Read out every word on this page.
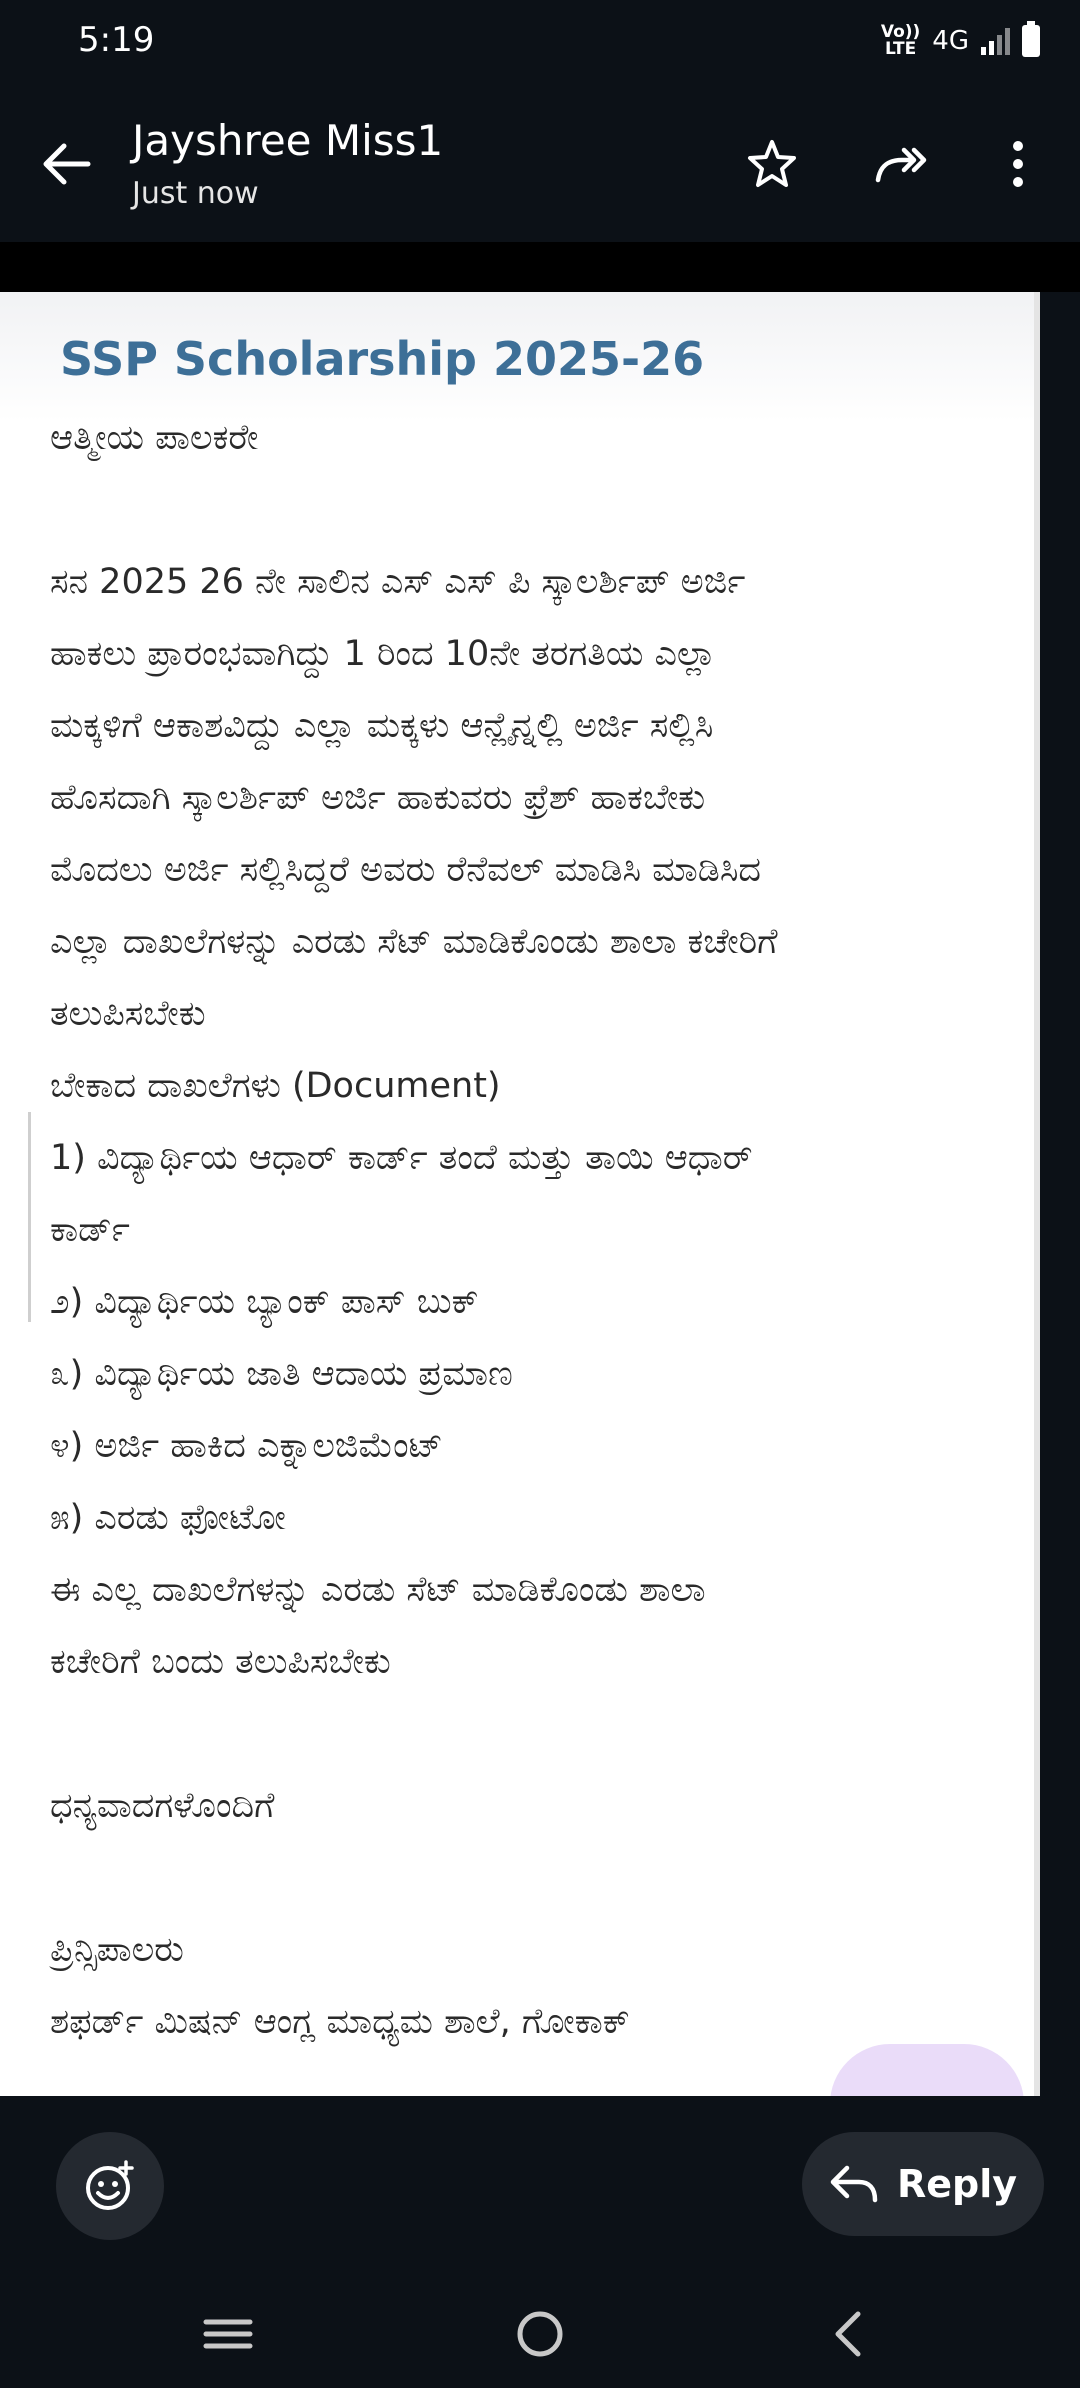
5:19	Vo))
LTE 4G
Jayshree Miss1
Just now
SSP Scholarship 2025-26
ಆತ್ಮೀಯ ಪಾಲಕರೇ

ಸನ 2025 26 ನೇ ಸಾಲಿನ ಎಸ್ ಎಸ್ ಪಿ ಸ್ಕಾಲರ್ಶಿಪ್ ಅರ್ಜಿ
ಹಾಕಲು ಪ್ರಾರಂಭವಾಗಿದ್ದು 1 ರಿಂದ 10ನೇ ತರಗತಿಯ ಎಲ್ಲಾ
ಮಕ್ಕಳಿಗೆ ಆಕಾಶವಿದ್ದು ಎಲ್ಲಾ ಮಕ್ಕಳು ಆನ್ಲೈನ್ನಲ್ಲಿ ಅರ್ಜಿ ಸಲ್ಲಿಸಿ
ಹೊಸದಾಗಿ ಸ್ಕಾಲರ್ಶಿಪ್ ಅರ್ಜಿ ಹಾಕುವರು ಫ್ರೆಶ್ ಹಾಕಬೇಕು
ಮೊದಲು ಅರ್ಜಿ ಸಲ್ಲಿಸಿದ್ದರೆ ಅವರು ರೆನೆವಲ್ ಮಾಡಿಸಿ ಮಾಡಿಸಿದ
ಎಲ್ಲಾ ದಾಖಲೆಗಳನ್ನು ಎರಡು ಸೆಟ್ ಮಾಡಿಕೊಂಡು ಶಾಲಾ ಕಚೇರಿಗೆ
ತಲುಪಿಸಬೇಕು
ಬೇಕಾದ ದಾಖಲೆಗಳು (Document)
1) ವಿದ್ಯಾರ್ಥಿಯ ಆಧಾರ್ ಕಾರ್ಡ್ ತಂದೆ ಮತ್ತು ತಾಯಿ ಆಧಾರ್
ಕಾರ್ಡ್
೨) ವಿದ್ಯಾರ್ಥಿಯ ಬ್ಯಾಂಕ್ ಪಾಸ್ ಬುಕ್
೩) ವಿದ್ಯಾರ್ಥಿಯ ಜಾತಿ ಆದಾಯ ಪ್ರಮಾಣ
೪) ಅರ್ಜಿ ಹಾಕಿದ ಎಕ್ನಾಲಜಿಮೆಂಟ್
೫) ಎರಡು ಫೋಟೋ
ಈ ಎಲ್ಲ ದಾಖಲೆಗಳನ್ನು ಎರಡು ಸೆಟ್ ಮಾಡಿಕೊಂಡು ಶಾಲಾ
ಕಚೇರಿಗೆ ಬಂದು ತಲುಪಿಸಬೇಕು

ಧನ್ಯವಾದಗಳೊಂದಿಗೆ

ಪ್ರಿನ್ಸಿಪಾಲರು
ಶಫರ್ಡ್ ಮಿಷನ್ ಆಂಗ್ಲ ಮಾಧ್ಯಮ ಶಾಲೆ, ಗೋಕಾಕ್
Reply
